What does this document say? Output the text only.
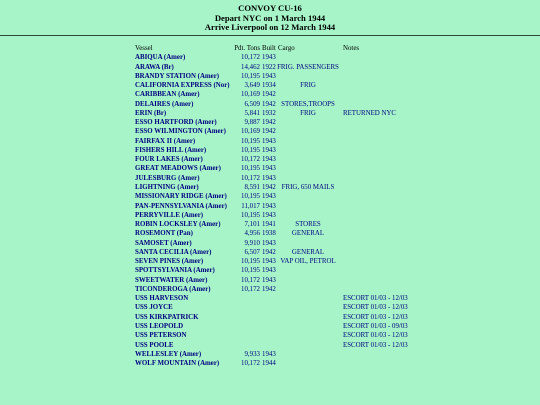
CONVOY CU-16
Depart NYC on 1 March 1944
Arrive Liverpool on 12 March 1944
Vessel	Pdt. Tons Built Cargo	Notes
ABIQUA (Amer)	10,172 1943
ARAWA (Br)	14,462 1922 FRIG. PASSENGERS
BRANDY STATION (Amer)	10,195 1943
CALIFORNIA EXPRESS (Nor) 3,649 1934	FRIG
CARIBBEAN (Amer)	10,169 1942
DELAIRES (Amer)	6,509 1942 STORES,TROOPS
ERIN (Br)	5,841 1932	FRIG	RETURNED NYC
ESSO HARTFORD (Amer)	9,887 1942
ESSO WILMINGTON (Amer) 10,169 1942
FAIRFAX II (Amer)	10,195 1943
FISHERS HILL (Amer)	10,195 1943
FOUR LAKES (Amer)	10,172 1943
GREAT MEADOWS (Amer)	10,195 1943
JULESBURG (Amer)	10,172 1943
LIGHTNING (Amer)	8,591 1942 FRIG, 650 MAILS
MISSIONARY RIDGE (Amer) 10,195 1943
PAN-PENNSYLVANIA (Amer) 11,017 1943
PERRYVILLE (Amer)	10,195 1943
ROBIN LOCKSLEY (Amer)	7,101 1941	STORES
ROSEMONT (Pan)	4,956 1938	GENERAL
SAMOSET (Amer)	9,910 1943
SANTA CECILIA (Amer)	6,507 1942	GENERAL
SEVEN PINES (Amer)	10,195 1943 VAP OIL, PETROL
SPOTTSYLVANIA (Amer)	10,195 1943
SWEETWATER (Amer)	10,172 1943
TICONDEROGA (Amer)	10,172 1942
USS HARVESON	ESCORT 01/03 - 12/03
USS JOYCE	ESCORT 01/03 - 12/03
USS KIRKPATRICK	ESCORT 01/03 - 12/03
USS LEOPOLD	ESCORT 01/03 - 09/03
USS PETERSON	ESCORT 01/03 - 12/03
USS POOLE	ESCORT 01/03 - 12/03
WELLESLEY (Amer)	9,933 1943
WOLF MOUNTAIN (Amer)	10,172 1944
